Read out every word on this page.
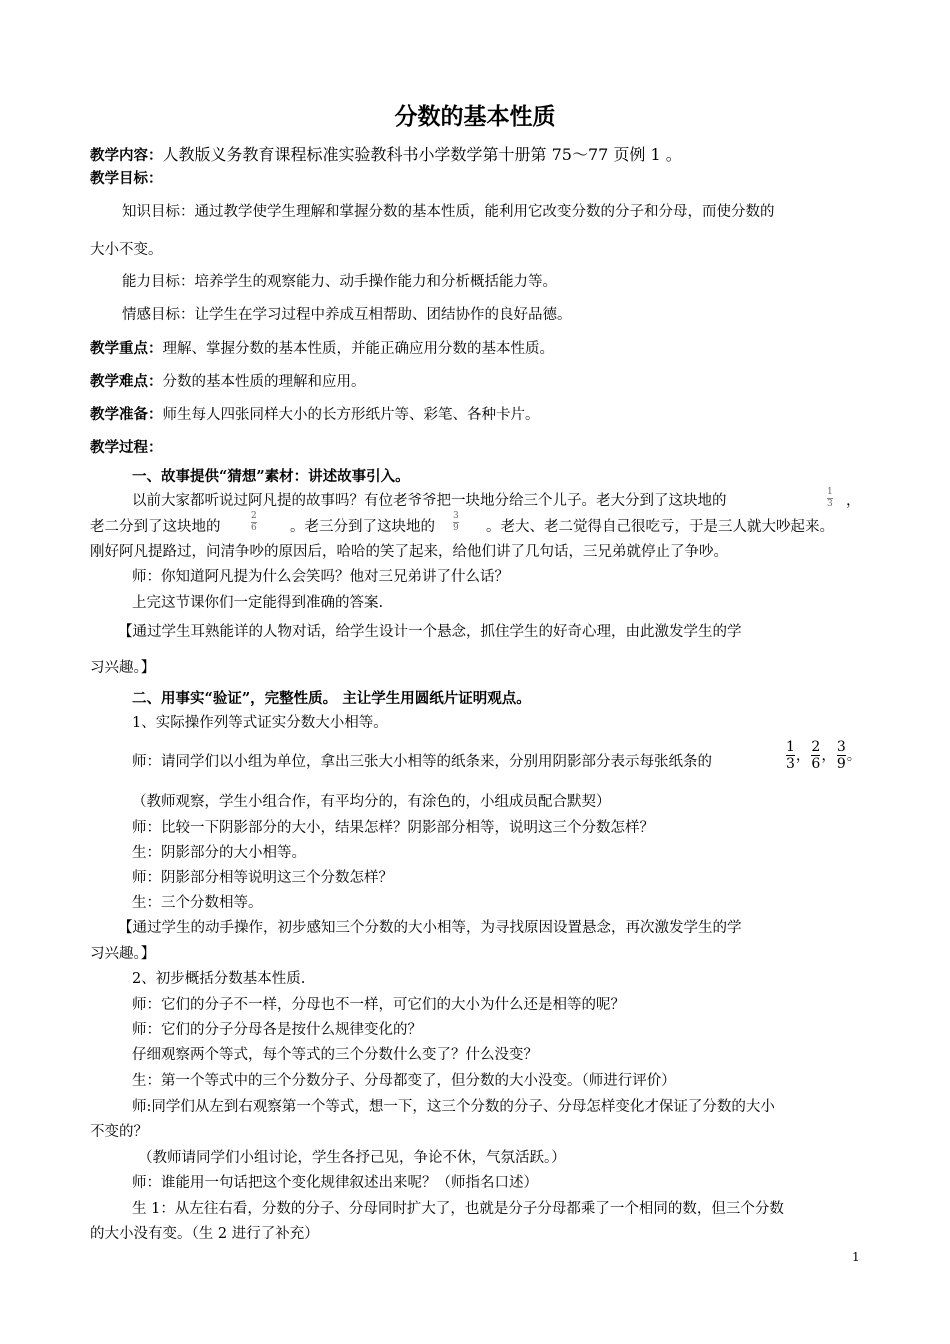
分数的基本性质
教学内容：人教版义务教育课程标准实验教科书小学数学第十册第 75～77 页例 1 。
教学目标：
知识目标：通过教学使学生理解和掌握分数的基本性质，能利用它改变分数的分子和分母，而使分数的
大小不变。
能力目标：培养学生的观察能力、动手操作能力和分析概括能力等。
情感目标：让学生在学习过程中养成互相帮助、团结协作的良好品德。
教学重点：理解、掌握分数的基本性质，并能正确应用分数的基本性质。
教学难点：分数的基本性质的理解和应用。
教学准备：师生每人四张同样大小的长方形纸片等、彩笔、各种卡片。
教学过程：
一、故事提供“猜想”素材：讲述故事引入。
以前大家都听说过阿凡提的故事吗？有位老爷爷把一块地分给三个儿子。老大分到了这块地的	$\frac{1}{3}$ ，
老二分到了这块地的	$\frac{2}{6}$ 。老三分到了这块地的 $\frac{3}{9}$ 。老大、老二觉得自己很吃亏，于是三人就大吵起来。
刚好阿凡提路过，问清争吵的原因后，哈哈的笑了起来，给他们讲了几句话，三兄弟就停止了争吵。
师：你知道阿凡提为什么会笑吗？他对三兄弟讲了什么话？
上完这节课你们一定能得到准确的答案.
【通过学生耳熟能详的人物对话，给学生设计一个悬念，抓住学生的好奇心理，由此激发学生的学
习兴趣。】
二、用事实“验证”，完整性质。 主让学生用圆纸片证明观点。
1、实际操作列等式证实分数大小相等。
师：请同学们以小组为单位，拿出三张大小相等的纸条来，分别用阴影部分表示每张纸条的	$\frac{1}{3}$ ， $\frac{2}{6}$ ， $\frac{3}{9}$ 。
（教师观察，学生小组合作，有平均分的，有涂色的，小组成员配合默契）
师：比较一下阴影部分的大小，结果怎样？阴影部分相等，说明这三个分数怎样？
生：阴影部分的大小相等。
师：阴影部分相等说明这三个分数怎样？
生：三个分数相等。
【通过学生的动手操作，初步感知三个分数的大小相等，为寻找原因设置悬念，再次激发学生的学
习兴趣。】
2、初步概括分数基本性质.
师：它们的分子不一样，分母也不一样，可它们的大小为什么还是相等的呢？
师：它们的分子分母各是按什么规律变化的？
仔细观察两个等式，每个等式的三个分数什么变了？什么没变？
生：第一个等式中的三个分数分子、分母都变了，但分数的大小没变。（师进行评价）
师:同学们从左到右观察第一个等式，想一下，这三个分数的分子、分母怎样变化才保证了分数的大小
不变的？
（教师请同学们小组讨论，学生各抒己见，争论不休，气氛活跃。）
师：谁能用一句话把这个变化规律叙述出来呢？（师指名口述）
生 1：从左往右看，分数的分子、分母同时扩大了，也就是分子分母都乘了一个相同的数，但三个分数
的大小没有变。（生 2 进行了补充）
1
